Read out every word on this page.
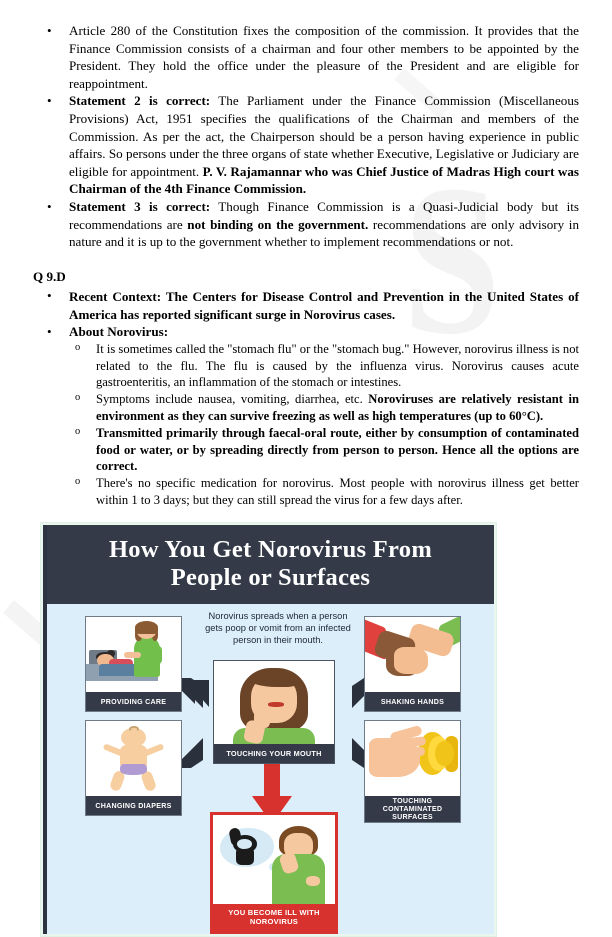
• Article 280 of the Constitution fixes the composition of the commission. It provides that the Finance Commission consists of a chairman and four other members to be appointed by the President. They hold the office under the pleasure of the President and are eligible for reappointment.
• Statement 2 is correct: The Parliament under the Finance Commission (Miscellaneous Provisions) Act, 1951 specifies the qualifications of the Chairman and members of the Commission. As per the act, the Chairperson should be a person having experience in public affairs. So persons under the three organs of state whether Executive, Legislative or Judiciary are eligible for appointment. P. V. Rajamannar who was Chief Justice of Madras High court was Chairman of the 4th Finance Commission.
• Statement 3 is correct: Though Finance Commission is a Quasi-Judicial body but its recommendations are not binding on the government. recommendations are only advisory in nature and it is up to the government whether to implement recommendations or not.
Q 9.D
• Recent Context: The Centers for Disease Control and Prevention in the United States of America has reported significant surge in Norovirus cases.
• About Norovirus:
o It is sometimes called the "stomach flu" or the "stomach bug." However, norovirus illness is not related to the flu. The flu is caused by the influenza virus. Norovirus causes acute gastroenteritis, an inflammation of the stomach or intestines.
o Symptoms include nausea, vomiting, diarrhea, etc. Noroviruses are relatively resistant in environment as they can survive freezing as well as high temperatures (up to 60°C).
o Transmitted primarily through faecal-oral route, either by consumption of contaminated food or water, or by spreading directly from person to person. Hence all the options are correct.
o There's no specific medication for norovirus. Most people with norovirus illness get better within 1 to 3 days; but they can still spread the virus for a few days after.
How You Get Norovirus From
People or Surfaces
Norovirus spreads when a person gets poop or vomit from an infected person in their mouth.
PROVIDING CARE	SHAKING HANDS
TOUCHING YOUR MOUTH
CHANGING DIAPERS
TOUCHING CONTAMINATED SURFACES
YOU BECOME ILL WITH NOROVIRUS
